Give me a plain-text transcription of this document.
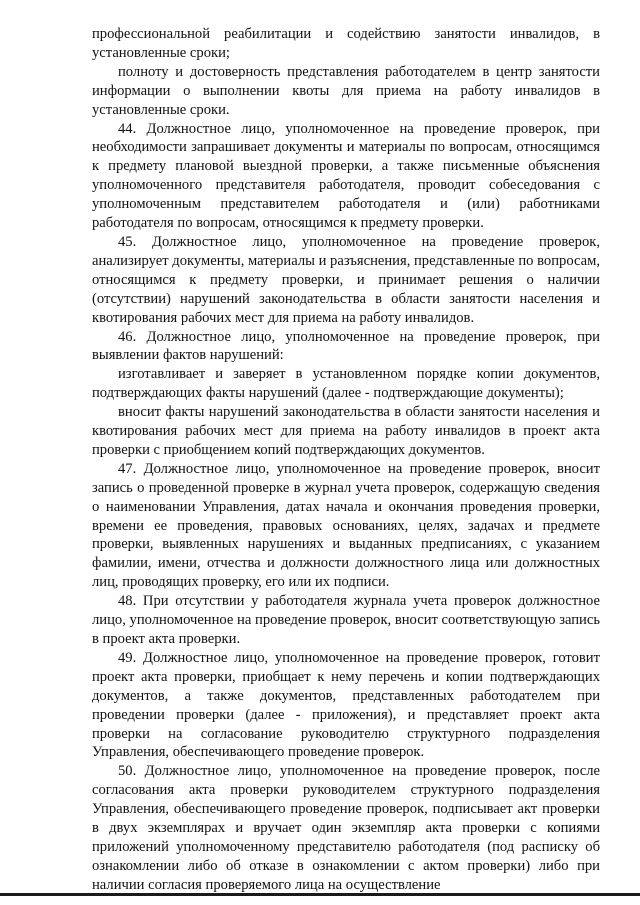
профессиональной реабилитации и содействию занятости инвалидов, в установленные сроки;

полноту и достоверность представления работодателем в центр занятости информации о выполнении квоты для приема на работу инвалидов в установленные сроки.

44. Должностное лицо, уполномоченное на проведение проверок, при необходимости запрашивает документы и материалы по вопросам, относящимся к предмету плановой выездной проверки, а также письменные объяснения уполномоченного представителя работодателя, проводит собеседования с уполномоченным представителем работодателя и (или) работниками работодателя по вопросам, относящимся к предмету проверки.

45. Должностное лицо, уполномоченное на проведение проверок, анализирует документы, материалы и разъяснения, представленные по вопросам, относящимся к предмету проверки, и принимает решения о наличии (отсутствии) нарушений законодательства в области занятости населения и квотирования рабочих мест для приема на работу инвалидов.

46. Должностное лицо, уполномоченное на проведение проверок, при выявлении фактов нарушений:

изготавливает и заверяет в установленном порядке копии документов, подтверждающих факты нарушений (далее - подтверждающие документы);

вносит факты нарушений законодательства в области занятости населения и квотирования рабочих мест для приема на работу инвалидов в проект акта проверки с приобщением копий подтверждающих документов.

47. Должностное лицо, уполномоченное на проведение проверок, вносит запись о проведенной проверке в журнал учета проверок, содержащую сведения о наименовании Управления, датах начала и окончания проведения проверки, времени ее проведения, правовых основаниях, целях, задачах и предмете проверки, выявленных нарушениях и выданных предписаниях, с указанием фамилии, имени, отчества и должности должностного лица или должностных лиц, проводящих проверку, его или их подписи.

48. При отсутствии у работодателя журнала учета проверок должностное лицо, уполномоченное на проведение проверок, вносит соответствующую запись в проект акта проверки.

49. Должностное лицо, уполномоченное на проведение проверок, готовит проект акта проверки, приобщает к нему перечень и копии подтверждающих документов, а также документов, представленных работодателем при проведении проверки (далее - приложения), и представляет проект акта проверки на согласование руководителю структурного подразделения Управления, обеспечивающего проведение проверок.

50. Должностное лицо, уполномоченное на проведение проверок, после согласования акта проверки руководителем структурного подразделения Управления, обеспечивающего проведение проверок, подписывает акт проверки в двух экземплярах и вручает один экземпляр акта проверки с копиями приложений уполномоченному представителю работодателя (под расписку об ознакомлении либо об отказе в ознакомлении с актом проверки) либо при наличии согласия проверяемого лица на осуществление
